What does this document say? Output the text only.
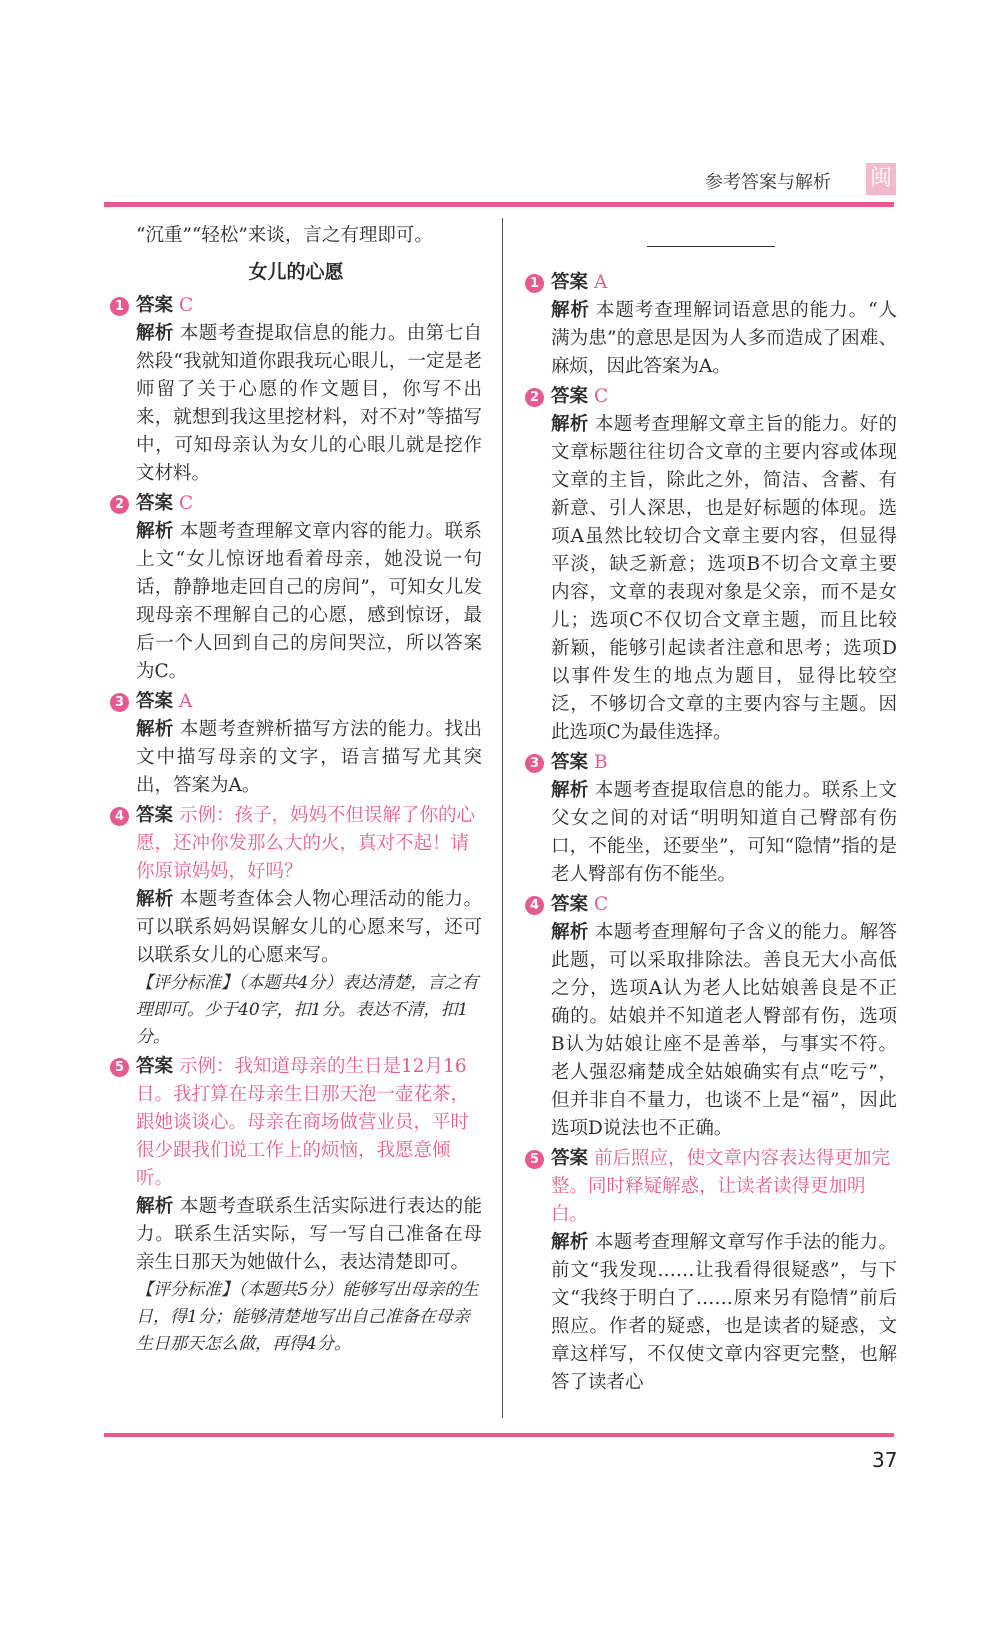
参考答案与解析 闽
“沉重”“轻松”来谈，言之有理即可。
女儿的心愿
1 答案 C
解析 本题考查提取信息的能力。由第七自然段“我就知道你跟我玩心眼儿，一定是老师留了关于心愿的作文题目，你写不出来，就想到我这里挖材料，对不对”等描写中，可知母亲认为女儿的心眼儿就是挖作文材料。
2 答案 C
解析 本题考查理解文章内容的能力。联系上文“女儿惊讶地看着母亲，她没说一句话，静静地走回自己的房间”，可知女儿发现母亲不理解自己的心愿，感到惊讶，最后一个人回到自己的房间哭泣，所以答案为C。
3 答案 A
解析 本题考查辨析描写方法的能力。找出文中描写母亲的文字，语言描写尤其突出，答案为A。
4 答案 示例：孩子，妈妈不但误解了你的心愿，还冲你发那么大的火，真对不起！请你原谅妈妈，好吗？
解析 本题考查体会人物心理活动的能力。可以联系妈妈误解女儿的心愿来写，还可以联系女儿的心愿来写。
【评分标准】（本题共4分）表达清楚，言之有理即可。少于40字，扣1分。表达不清，扣1分。
5 答案 示例：我知道母亲的生日是12月16日。我打算在母亲生日那天泡一壶花茶，跟她谈谈心。母亲在商场做营业员，平时很少跟我们说工作上的烦恼，我愿意倾听。
解析 本题考查联系生活实际进行表达的能力。联系生活实际，写一写自己准备在母亲生日那天为她做什么，表达清楚即可。
【评分标准】（本题共5分）能够写出母亲的生日，得1分；能够清楚地写出自己准备在母亲生日那天怎么做，再得4分。
1 答案 A
解析 本题考查理解词语意思的能力。“人满为患”的意思是因为人多而造成了困难、麻烦，因此答案为A。
2 答案 C
解析 本题考查理解文章主旨的能力。好的文章标题往往切合文章的主要内容或体现文章的主旨，除此之外，简洁、含蓄、有新意、引人深思，也是好标题的体现。选项A虽然比较切合文章主要内容，但显得平淡，缺乏新意；选项B不切合文章主要内容，文章的表现对象是父亲，而不是女儿；选项C不仅切合文章主题，而且比较新颖，能够引起读者注意和思考；选项D以事件发生的地点为题目，显得比较空泛，不够切合文章的主要内容与主题。因此选项C为最佳选择。
3 答案 B
解析 本题考查提取信息的能力。联系上文父女之间的对话“明明知道自己臀部有伤口，不能坐，还要坐”，可知“隐情”指的是老人臀部有伤不能坐。
4 答案 C
解析 本题考查理解句子含义的能力。解答此题，可以采取排除法。善良无大小高低之分，选项A认为老人比姑娘善良是不正确的。姑娘并不知道老人臀部有伤，选项B认为姑娘让座不是善举，与事实不符。老人强忍痛楚成全姑娘确实有点“吃亏”，但并非自不量力，也谈不上是“福”，因此选项D说法也不正确。
5 答案 前后照应，使文章内容表达得更加完整。同时释疑解惑，让读者读得更加明白。
解析 本题考查理解文章写作手法的能力。前文“我发现……让我看得很疑惑”，与下文“我终于明白了……原来另有隐情”前后照应。作者的疑惑，也是读者的疑惑，文章这样写，不仅使文章内容更完整，也解答了读者心
37
